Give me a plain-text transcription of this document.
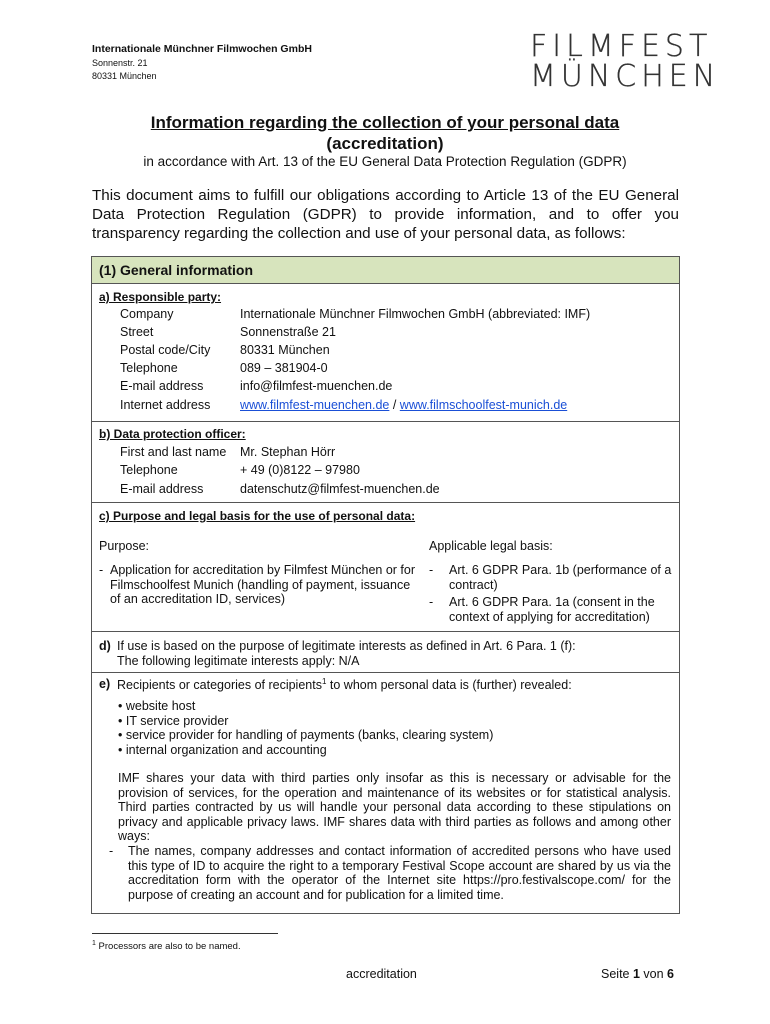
Internationale Münchner Filmwochen GmbH
Sonnenstr. 21
80331 München
FILMFEST
MÜNCHEN
Information regarding the collection of your personal data
(accreditation)
in accordance with Art. 13 of the EU General Data Protection Regulation (GDPR)
This document aims to fulfill our obligations according to Article 13 of the EU General Data Protection Regulation (GDPR) to provide information, and to offer you transparency regarding the collection and use of your personal data, as follows:
(1) General information
a) Responsible party:
Company	Internationale Münchner Filmwochen GmbH (abbreviated: IMF)
Street	Sonnenstraße 21
Postal code/City 80331 München
Telephone	089 – 381904-0
E-mail address	info@filmfest-muenchen.de
Internet address www.filmfest-muenchen.de / www.filmschoolfest-munich.de
b) Data protection officer:
First and last name Mr. Stephan Hörr
Telephone	+ 49 (0)8122 – 97980
E-mail address	datenschutz@filmfest-muenchen.de
c) Purpose and legal basis for the use of personal data:
Purpose:	Applicable legal basis:
- Application for accreditation by Filmfest München or for Filmschoolfest Munich (handling of payment, issuance of an accreditation ID, services)
- Art. 6 GDPR Para. 1b (performance of a contract)
- Art. 6 GDPR Para. 1a (consent in the context of applying for accreditation)
d) If use is based on the purpose of legitimate interests as defined in Art. 6 Para. 1 (f):
The following legitimate interests apply: N/A
e) Recipients or categories of recipients$^1$ to whom personal data is (further) revealed:
• website host
• IT service provider
• service provider for handling of payments (banks, clearing system)
• internal organization and accounting
IMF shares your data with third parties only insofar as this is necessary or advisable for the provision of services, for the operation and maintenance of its websites or for statistical analysis. Third parties contracted by us will handle your personal data according to these stipulations on privacy and applicable privacy laws. IMF shares data with third parties as follows and among other ways:
- The names, company addresses and contact information of accredited persons who have used this type of ID to acquire the right to a temporary Festival Scope account are shared by us via the accreditation form with the operator of the Internet site https://pro.festivalscope.com/ for the purpose of creating an account and for publication for a limited time.
$^1$ Processors are also to be named.
accreditation	Seite 1 von 6
